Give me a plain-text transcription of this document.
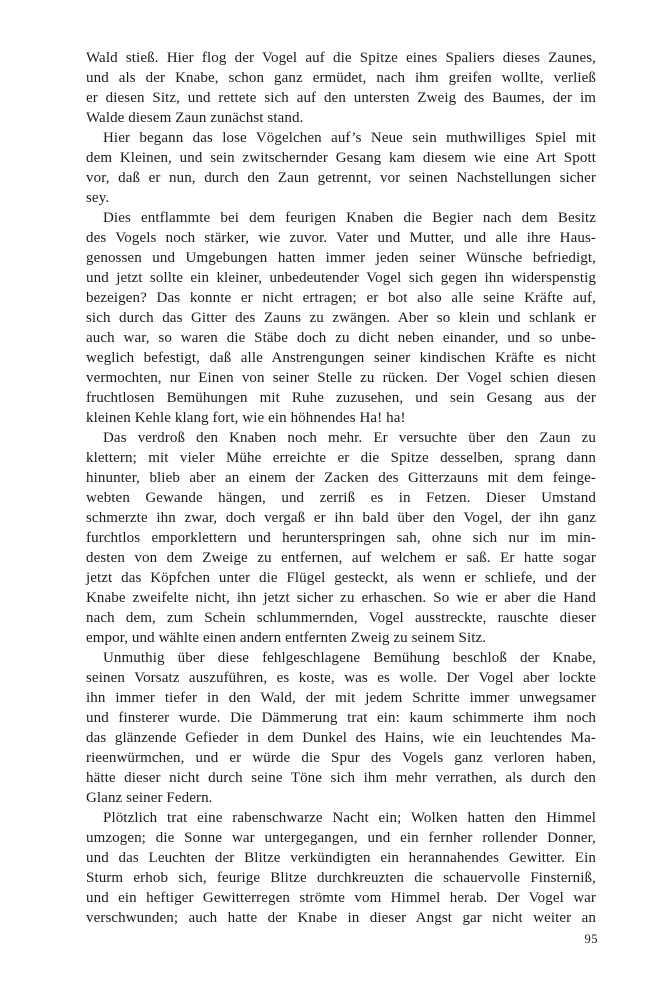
Wald stieß. Hier flog der Vogel auf die Spitze eines Spaliers dieses Zaunes,
und als der Knabe, schon ganz ermüdet, nach ihm greifen wollte, verließ
er diesen Sitz, und rettete sich auf den untersten Zweig des Baumes, der im
Walde diesem Zaun zunächst stand.
Hier begann das lose Vögelchen auf’s Neue sein muthwilliges Spiel mit
dem Kleinen, und sein zwitschernder Gesang kam diesem wie eine Art Spott
vor, daß er nun, durch den Zaun getrennt, vor seinen Nachstellungen sicher
sey.
Dies entflammte bei dem feurigen Knaben die Begier nach dem Besitz
des Vogels noch stärker, wie zuvor. Vater und Mutter, und alle ihre Haus-
genossen und Umgebungen hatten immer jeden seiner Wünsche befriedigt,
und jetzt sollte ein kleiner, unbedeutender Vogel sich gegen ihn widerspenstig
bezeigen? Das konnte er nicht ertragen; er bot also alle seine Kräfte auf,
sich durch das Gitter des Zauns zu zwängen. Aber so klein und schlank er
auch war, so waren die Stäbe doch zu dicht neben einander, und so unbe-
weglich befestigt, daß alle Anstrengungen seiner kindischen Kräfte es nicht
vermochten, nur Einen von seiner Stelle zu rücken. Der Vogel schien diesen
fruchtlosen Bemühungen mit Ruhe zuzusehen, und sein Gesang aus der
kleinen Kehle klang fort, wie ein höhnendes Ha! ha!
Das verdroß den Knaben noch mehr. Er versuchte über den Zaun zu
klettern; mit vieler Mühe erreichte er die Spitze desselben, sprang dann
hinunter, blieb aber an einem der Zacken des Gitterzauns mit dem feinge-
webten Gewande hängen, und zerriß es in Fetzen. Dieser Umstand
schmerzte ihn zwar, doch vergaß er ihn bald über den Vogel, der ihn ganz
furchtlos emporklettern und herunterspringen sah, ohne sich nur im min-
desten von dem Zweige zu entfernen, auf welchem er saß. Er hatte sogar
jetzt das Köpfchen unter die Flügel gesteckt, als wenn er schliefe, und der
Knabe zweifelte nicht, ihn jetzt sicher zu erhaschen. So wie er aber die Hand
nach dem, zum Schein schlummernden, Vogel ausstreckte, rauschte dieser
empor, und wählte einen andern entfernten Zweig zu seinem Sitz.
Unmuthig über diese fehlgeschlagene Bemühung beschloß der Knabe,
seinen Vorsatz auszuführen, es koste, was es wolle. Der Vogel aber lockte
ihn immer tiefer in den Wald, der mit jedem Schritte immer unwegsamer
und finsterer wurde. Die Dämmerung trat ein: kaum schimmerte ihm noch
das glänzende Gefieder in dem Dunkel des Hains, wie ein leuchtendes Ma-
rieenwürmchen, und er würde die Spur des Vogels ganz verloren haben,
hätte dieser nicht durch seine Töne sich ihm mehr verrathen, als durch den
Glanz seiner Federn.
Plötzlich trat eine rabenschwarze Nacht ein; Wolken hatten den Himmel
umzogen; die Sonne war untergegangen, und ein fernher rollender Donner,
und das Leuchten der Blitze verkündigten ein herannahendes Gewitter. Ein
Sturm erhob sich, feurige Blitze durchkreuzten die schauervolle Finsterniß,
und ein heftiger Gewitterregen strömte vom Himmel herab. Der Vogel war
verschwunden; auch hatte der Knabe in dieser Angst gar nicht weiter an
95
